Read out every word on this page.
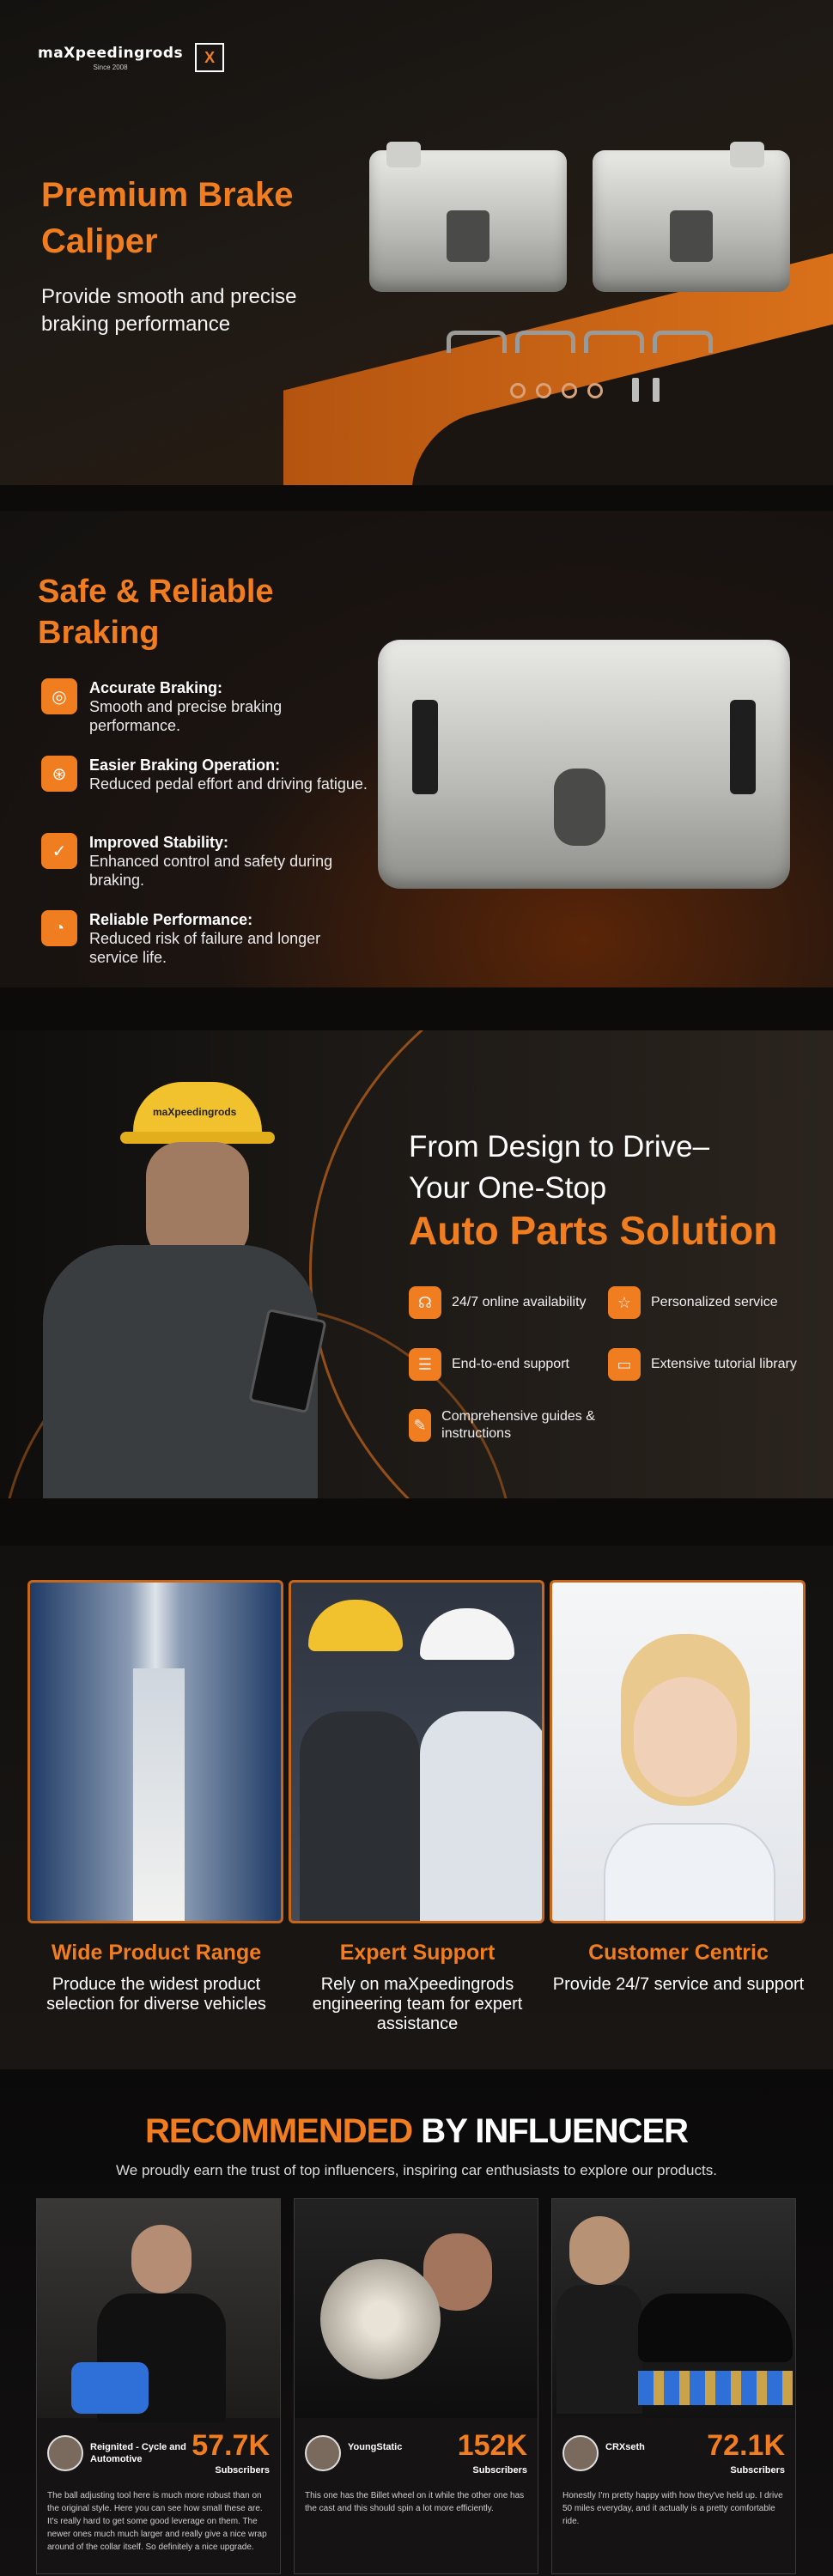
maXpeedingrods
Since 2008
X
Premium Brake Caliper

Provide smooth and precise braking performance

Safe & Reliable Braking
◎	Accurate Braking:
Smooth and precise braking performance.
⊛	Easier Braking Operation:
Reduced pedal effort and driving fatigue.
✓	Improved Stability:
Enhanced control and safety during braking.
◔	Reliable Performance:
Reduced risk of failure and longer service life.
maXpeedingrods
From Design to Drive–
Your One-Stop
Auto Parts Solution
☊	24/7 online availability	☆	Personalized service
☰	End-to-end support	▭	Extensive tutorial library
✎	Comprehensive guides & instructions
Wide Product Range
Produce the widest product selection for diverse vehicles
Expert Support
Rely on maXpeedingrods engineering team for expert assistance
Customer Centric
Provide 24/7 service and support
RECOMMENDED BY INFLUENCER
We proudly earn the trust of top influencers, inspiring car enthusiasts to explore our products.
Reignited - Cycle and Automotive	57.7K
Subscribers
The ball adjusting tool here is much more robust than on the original style. Here you can see how small these are. It's really hard to get some good leverage on them. The newer ones much much larger and really give a nice wrap around of the collar itself. So definitely a nice upgrade.
YoungStatic	152K
Subscribers
This one has the Billet wheel on it while the other one has the cast and this should spin a lot more efficiently.
CRXseth	72.1K
Subscribers
Honestly I'm pretty happy with how they've held up. I drive 50 miles everyday, and it actually is a pretty comfortable ride.
